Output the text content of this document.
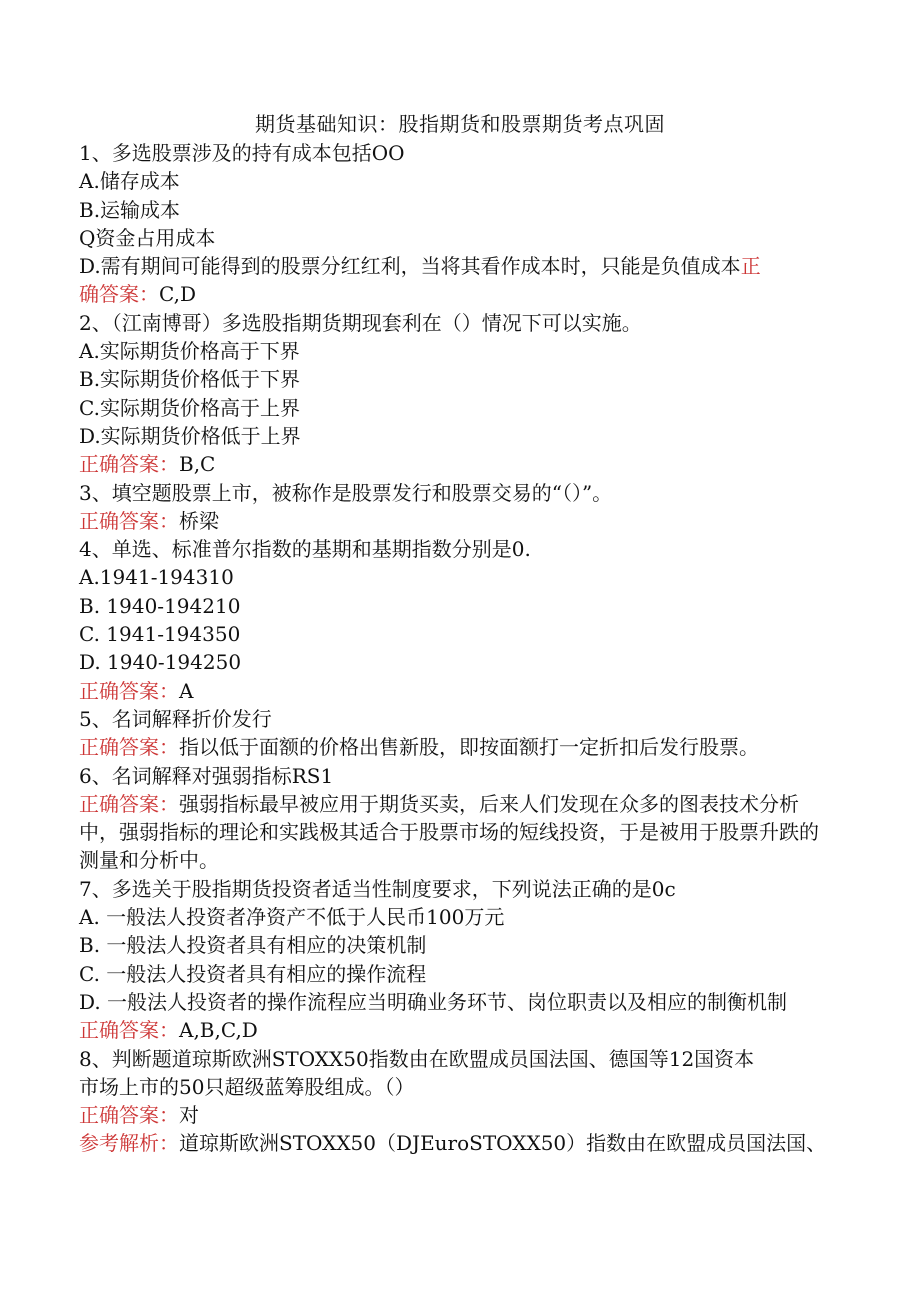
期货基础知识：股指期货和股票期货考点巩固
1、多选股票涉及的持有成本包括OO
A.储存成本
B.运输成本
Q资金占用成本
D.需有期间可能得到的股票分红红利，当将其看作成本时，只能是负值成本正
确答案：C,D
2、（江南博哥）多选股指期货期现套利在（）情况下可以实施。
A.实际期货价格高于下界
B.实际期货价格低于下界
C.实际期货价格高于上界
D.实际期货价格低于上界
正确答案：B,C
3、填空题股票上市，被称作是股票发行和股票交易的“（）”。
正确答案：桥梁
4、单选、标准普尔指数的基期和基期指数分别是0.
A.1941-194310
B. 1940-194210
C. 1941-194350
D. 1940-194250
正确答案：A
5、名词解释折价发行
正确答案：指以低于面额的价格出售新股，即按面额打一定折扣后发行股票。
6、名词解释对强弱指标RS1
正确答案：强弱指标最早被应用于期货买卖，后来人们发现在众多的图表技术分析中，强弱指标的理论和实践极其适合于股票市场的短线投资，于是被用于股票升跌的测量和分析中。
7、多选关于股指期货投资者适当性制度要求，下列说法正确的是0c
A. 一般法人投资者净资产不低于人民币100万元
B. 一般法人投资者具有相应的决策机制
C. 一般法人投资者具有相应的操作流程
D. 一般法人投资者的操作流程应当明确业务环节、岗位职责以及相应的制衡机制
正确答案：A,B,C,D
8、判断题道琼斯欧洲STOXX50指数由在欧盟成员国法国、德国等12国资本
市场上市的50只超级蓝筹股组成。（）
正确答案：对
参考解析：道琼斯欧洲STOXX50（DJEuroSTOXX50）指数由在欧盟成员国法国、
